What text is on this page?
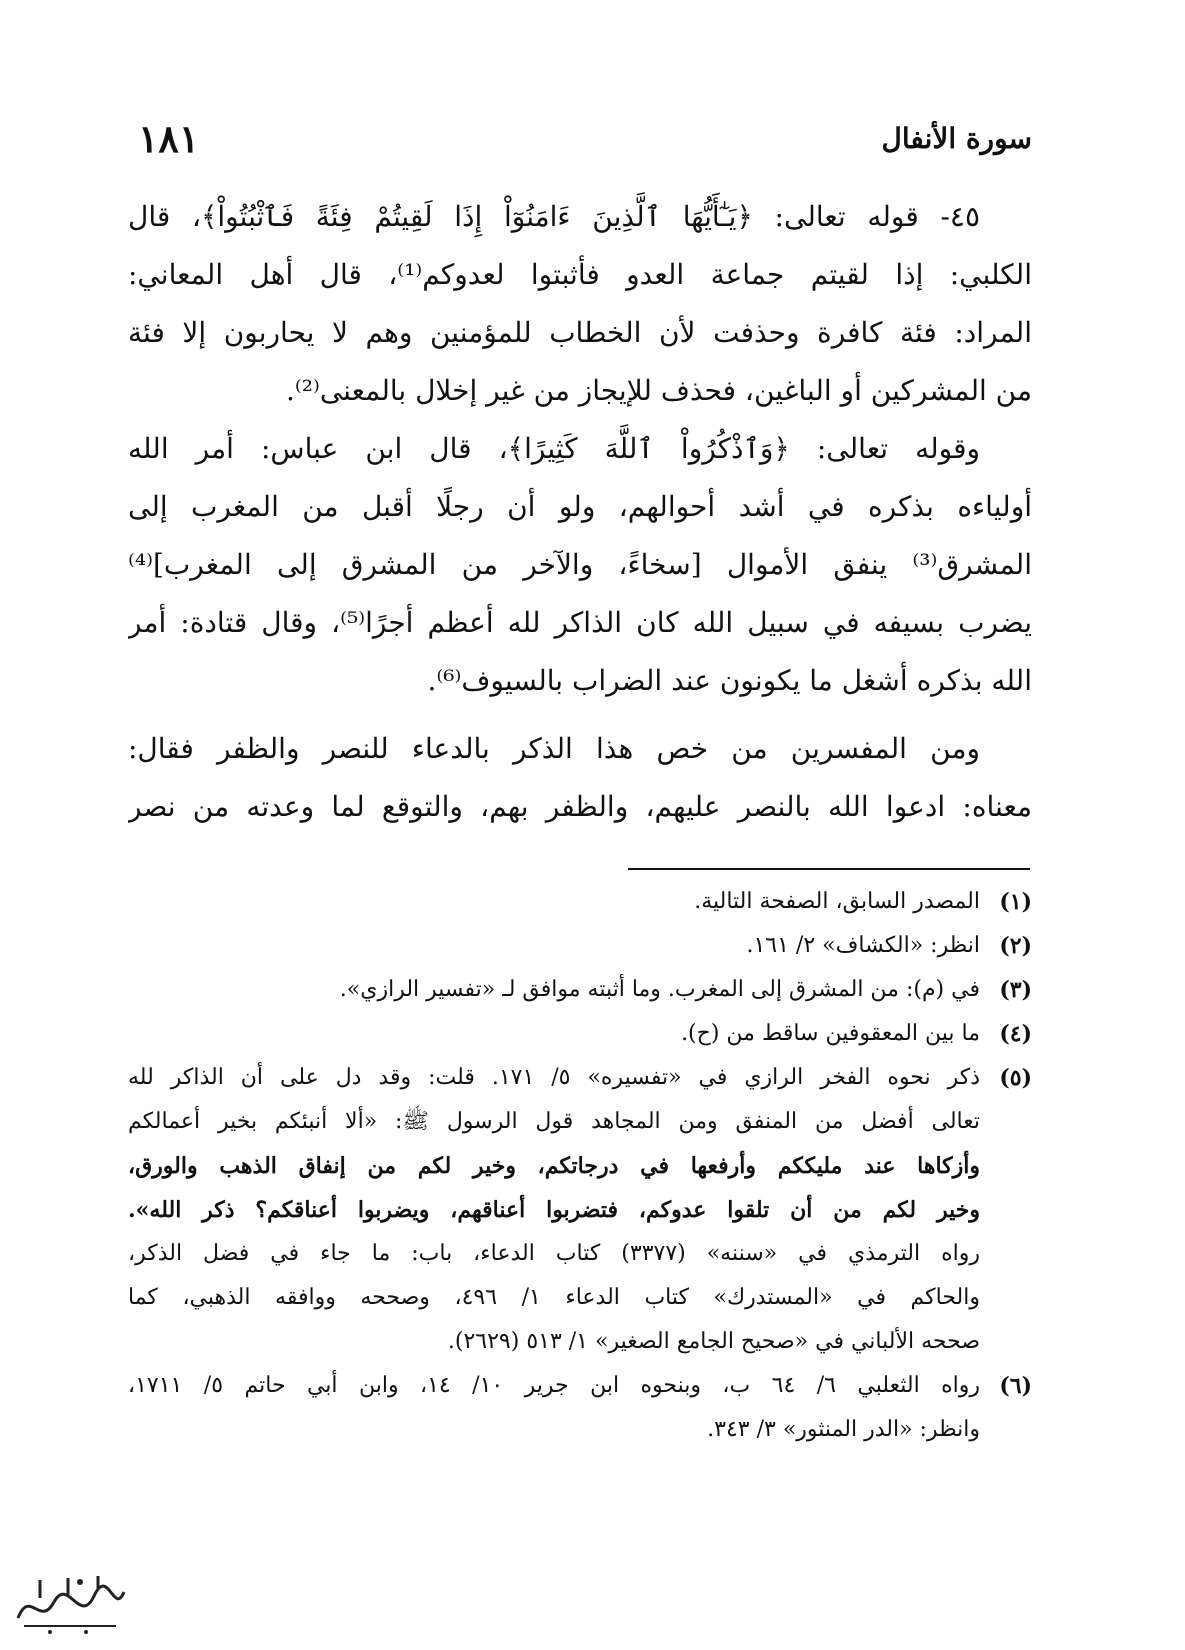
سورة الأنفال
١٨١
٤٥- قوله تعالى: ﴿يَـٰٓأَيُّهَا ٱلَّذِينَ ءَامَنُوٓاْ إِذَا لَقِيتُمْ فِئَةً فَٱثْبُتُواْ﴾، قال
الكلبي: إذا لقيتم جماعة العدو فأثبتوا لعدوكم⁽¹⁾، قال أهل المعاني:
المراد: فئة كافرة وحذفت لأن الخطاب للمؤمنين وهم لا يحاربون إلا فئة
من المشركين أو الباغين، فحذف للإيجاز من غير إخلال بالمعنى⁽²⁾.
وقوله تعالى: ﴿وَٱذْكُرُواْ ٱللَّهَ كَثِيرًا﴾، قال ابن عباس: أمر الله
أولياءه بذكره في أشد أحوالهم، ولو أن رجلًا أقبل من المغرب إلى
المشرق⁽³⁾ ينفق الأموال [سخاءً، والآخر من المشرق إلى المغرب]⁽⁴⁾
يضرب بسيفه في سبيل الله كان الذاكر لله أعظم أجرًا⁽⁵⁾، وقال قتادة: أمر
الله بذكره أشغل ما يكونون عند الضراب بالسيوف⁽⁶⁾.
ومن المفسرين من خص هذا الذكر بالدعاء للنصر والظفر فقال:
معناه: ادعوا الله بالنصر عليهم، والظفر بهم، والتوقع لما وعدته من نصر
(١)
المصدر السابق، الصفحة التالية.
(٢)
انظر: «الكشاف» ٢/ ١٦١.
(٣)
في (م): من المشرق إلى المغرب. وما أثبته موافق لـ «تفسير الرازي».
(٤)
ما بين المعقوفين ساقط من (ح).
(٥)
ذكر نحوه الفخر الرازي في «تفسيره» ٥/ ١٧١. قلت: وقد دل على أن الذاكر لله
تعالى أفضل من المنفق ومن المجاهد قول الرسول ﷺ: «ألا أنبئكم بخير أعمالكم
وأزكاها عند مليككم وأرفعها في درجاتكم، وخير لكم من إنفاق الذهب والورق،
وخير لكم من أن تلقوا عدوكم، فتضربوا أعناقهم، ويضربوا أعناقكم؟ ذكر الله».
رواه الترمذي في «سننه» (٣٣٧٧) كتاب الدعاء، باب: ما جاء في فضل الذكر،
والحاكم في «المستدرك» كتاب الدعاء ١/ ٤٩٦، وصححه ووافقه الذهبي، كما
صححه الألباني في «صحيح الجامع الصغير» ١/ ٥١٣ (٢٦٢٩).
(٦)
رواه الثعلبي ٦/ ٦٤ ب، وبنحوه ابن جرير ١٠/ ١٤، وابن أبي حاتم ٥/ ١٧١١،
وانظر: «الدر المنثور» ٣/ ٣٤٣.
